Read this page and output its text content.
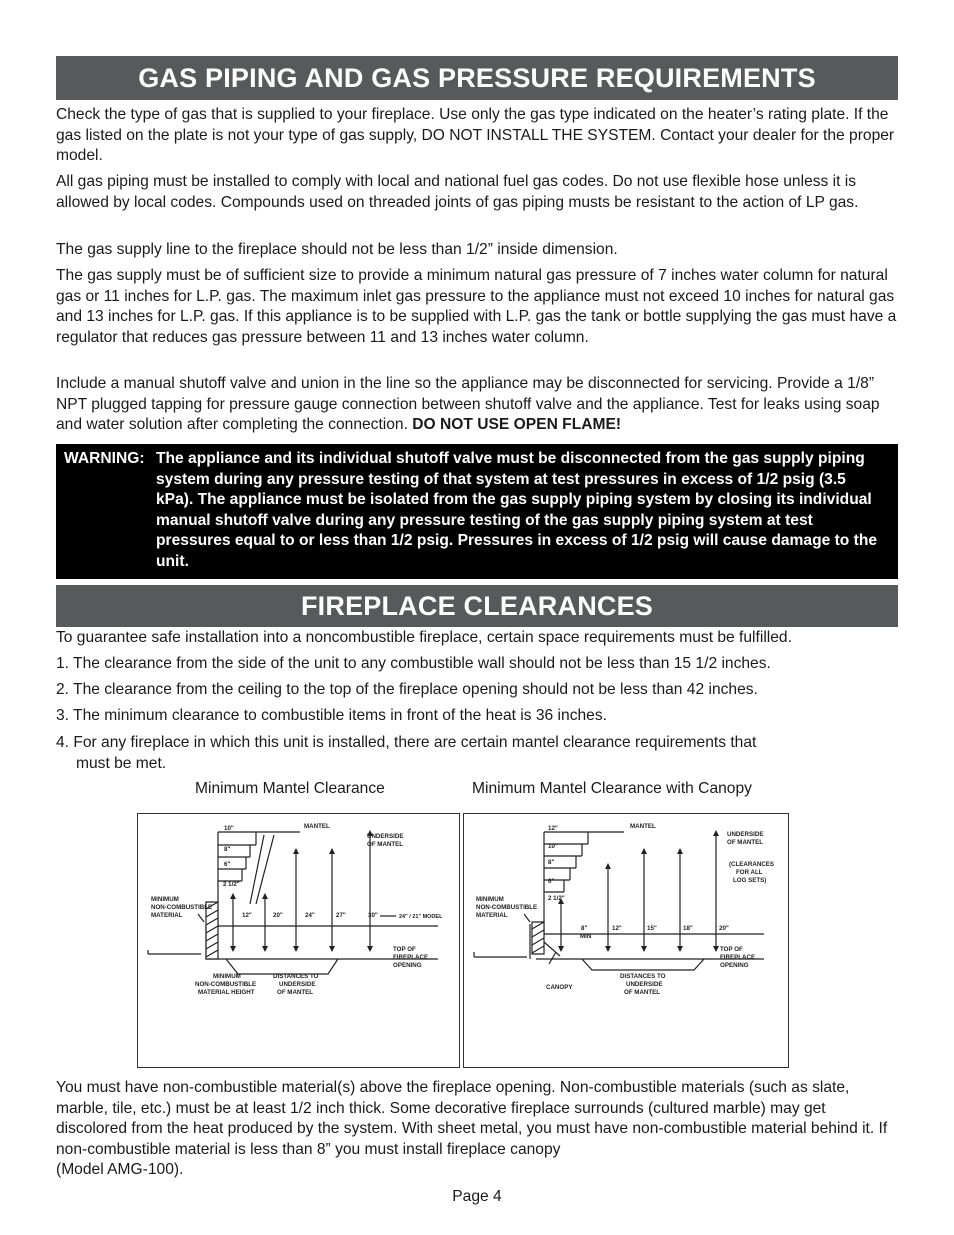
GAS PIPING AND GAS PRESSURE REQUIREMENTS

Check the type of gas that is supplied to your fireplace. Use only the gas type indicated on the heater’s rating plate. If the gas listed on the plate is not your type of gas supply, DO NOT INSTALL THE SYSTEM. Contact your dealer for the proper model.

All gas piping must be installed to comply with local and national fuel gas codes. Do not use flexible hose unless it is allowed by local codes. Compounds used on threaded joints of gas piping musts be resistant to the action of LP gas.

The gas supply line to the fireplace should not be less than 1/2” inside dimension.

The gas supply must be of sufficient size to provide a minimum natural gas pressure of 7 inches water column for natural gas or 11 inches for L.P. gas. The maximum inlet gas pressure to the appliance must not exceed 10 inches for natural gas and 13 inches for L.P. gas. If this appliance is to be supplied with L.P. gas the tank or bottle supplying the gas must have a regulator that reduces gas pressure between 11 and 13 inches water column.

Include a manual shutoff valve and union in the line so the appliance may be disconnected for servicing. Provide a 1/8” NPT plugged tapping for pressure gauge connection between shutoff valve and the appliance. Test for leaks using soap and water solution after completing the connection. DO NOT USE OPEN FLAME!

WARNING: The appliance and its individual shutoff valve must be disconnected from the gas supply piping system during any pressure testing of that system at test pressures in excess of 1/2 psig (3.5 kPa). The appliance must be isolated from the gas supply piping system by closing its individual manual shutoff valve during any pressure testing of the gas supply piping system at test pressures equal to or less than 1/2 psig. Pressures in excess of 1/2 psig will cause damage to the unit.
FIREPLACE CLEARANCES

To guarantee safe installation into a noncombustible fireplace, certain space requirements must be fulfilled.

1. The clearance from the side of the unit to any combustible wall should not be less than 15 1/2 inches.

2. The clearance from the ceiling to the top of the fireplace opening should not be less than 42 inches.

3. The minimum clearance to combustible items in front of the heat is 36 inches.

4. For any fireplace in which this unit is installed, there are certain mantel clearance requirements that

must be met.

Minimum Mantel Clearance	Minimum Mantel Clearance with Canopy
10"
8"
6"
2 1/2"
MANTEL
UNDERSIDE
OF MANTEL
12"	20"	24"	27"	30"	24" / 21" MODEL
MINIMUM
NON-COMBUSTIBLE
MATERIAL
TOP OF
FIREPLACE
OPENING
MINIMUM
NON-COMBUSTIBLE
MATERIAL HEIGHT
DISTANCES TO
UNDERSIDE
OF MANTEL
12"
10"
8"
6"
2 1/2"
MANTEL
UNDERSIDE
OF MANTEL
(CLEARANCES
FOR ALL
LOG SETS)
8"
MIN
12"	15"	18"	20"
MINIMUM
NON-COMBUSTIBLE
MATERIAL
TOP OF
FIREPLACE
OPENING
CANOPY
DISTANCES TO
UNDERSIDE
OF MANTEL

You must have non-combustible material(s) above the fireplace opening. Non-combustible materials (such as slate, marble, tile, etc.) must be at least 1/2 inch thick. Some decorative fireplace surrounds (cultured marble) may get discolored from the heat produced by the system. With sheet metal, you must have non-combustible material behind it. If non-combustible material is less than 8” you must install fireplace canopy
(Model AMG-100).

Page 4
